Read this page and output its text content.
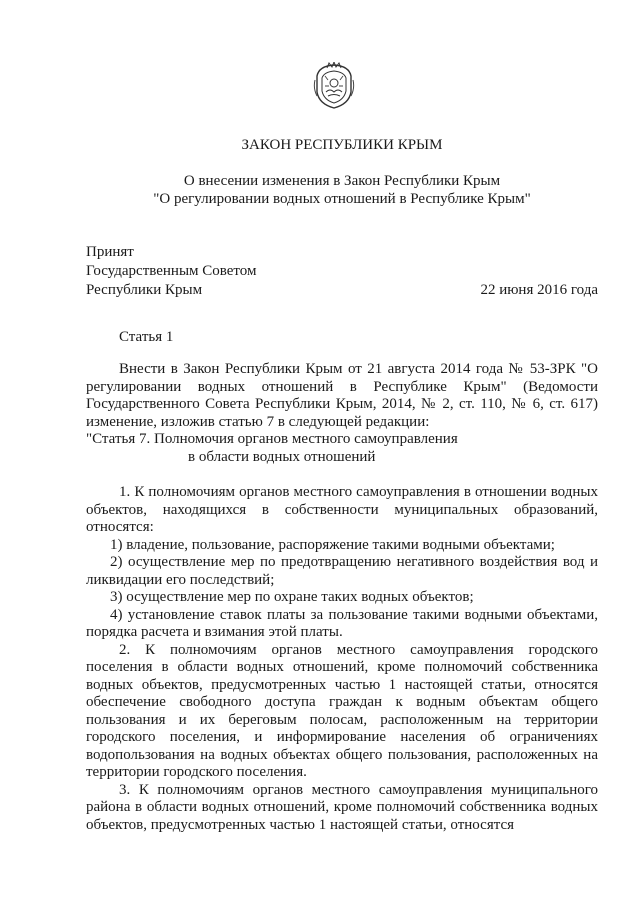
ЗАКОН РЕСПУБЛИКИ КРЫМ
О внесении изменения в Закон Республики Крым
"О регулировании водных отношений в Республике Крым"
Принят
Государственным Советом
Республики Крым	22 июня 2016 года
Статья 1

Внести в Закон Республики Крым от 21 августа 2014 года № 53-ЗРК "О регулировании водных отношений в Республике Крым" (Ведомости Государственного Совета Республики Крым, 2014, № 2, ст. 110, № 6, ст. 617) изменение, изложив статью 7 в следующей редакции:

"Статья 7. Полномочия органов местного самоуправления
в области водных отношений

1. К полномочиям органов местного самоуправления в отношении водных объектов, находящихся в собственности муниципальных образований, относятся:

1) владение, пользование, распоряжение такими водными объектами;

2) осуществление мер по предотвращению негативного воздействия вод и ликвидации его последствий;

3) осуществление мер по охране таких водных объектов;

4) установление ставок платы за пользование такими водными объектами, порядка расчета и взимания этой платы.

2. К полномочиям органов местного самоуправления городского поселения в области водных отношений, кроме полномочий собственника водных объектов, предусмотренных частью 1 настоящей статьи, относятся обеспечение свободного доступа граждан к водным объектам общего пользования и их береговым полосам, расположенным на территории городского поселения, и информирование населения об ограничениях водопользования на водных объектах общего пользования, расположенных на территории городского поселения.

3. К полномочиям органов местного самоуправления муниципального района в области водных отношений, кроме полномочий собственника водных объектов, предусмотренных частью 1 настоящей статьи, относятся
